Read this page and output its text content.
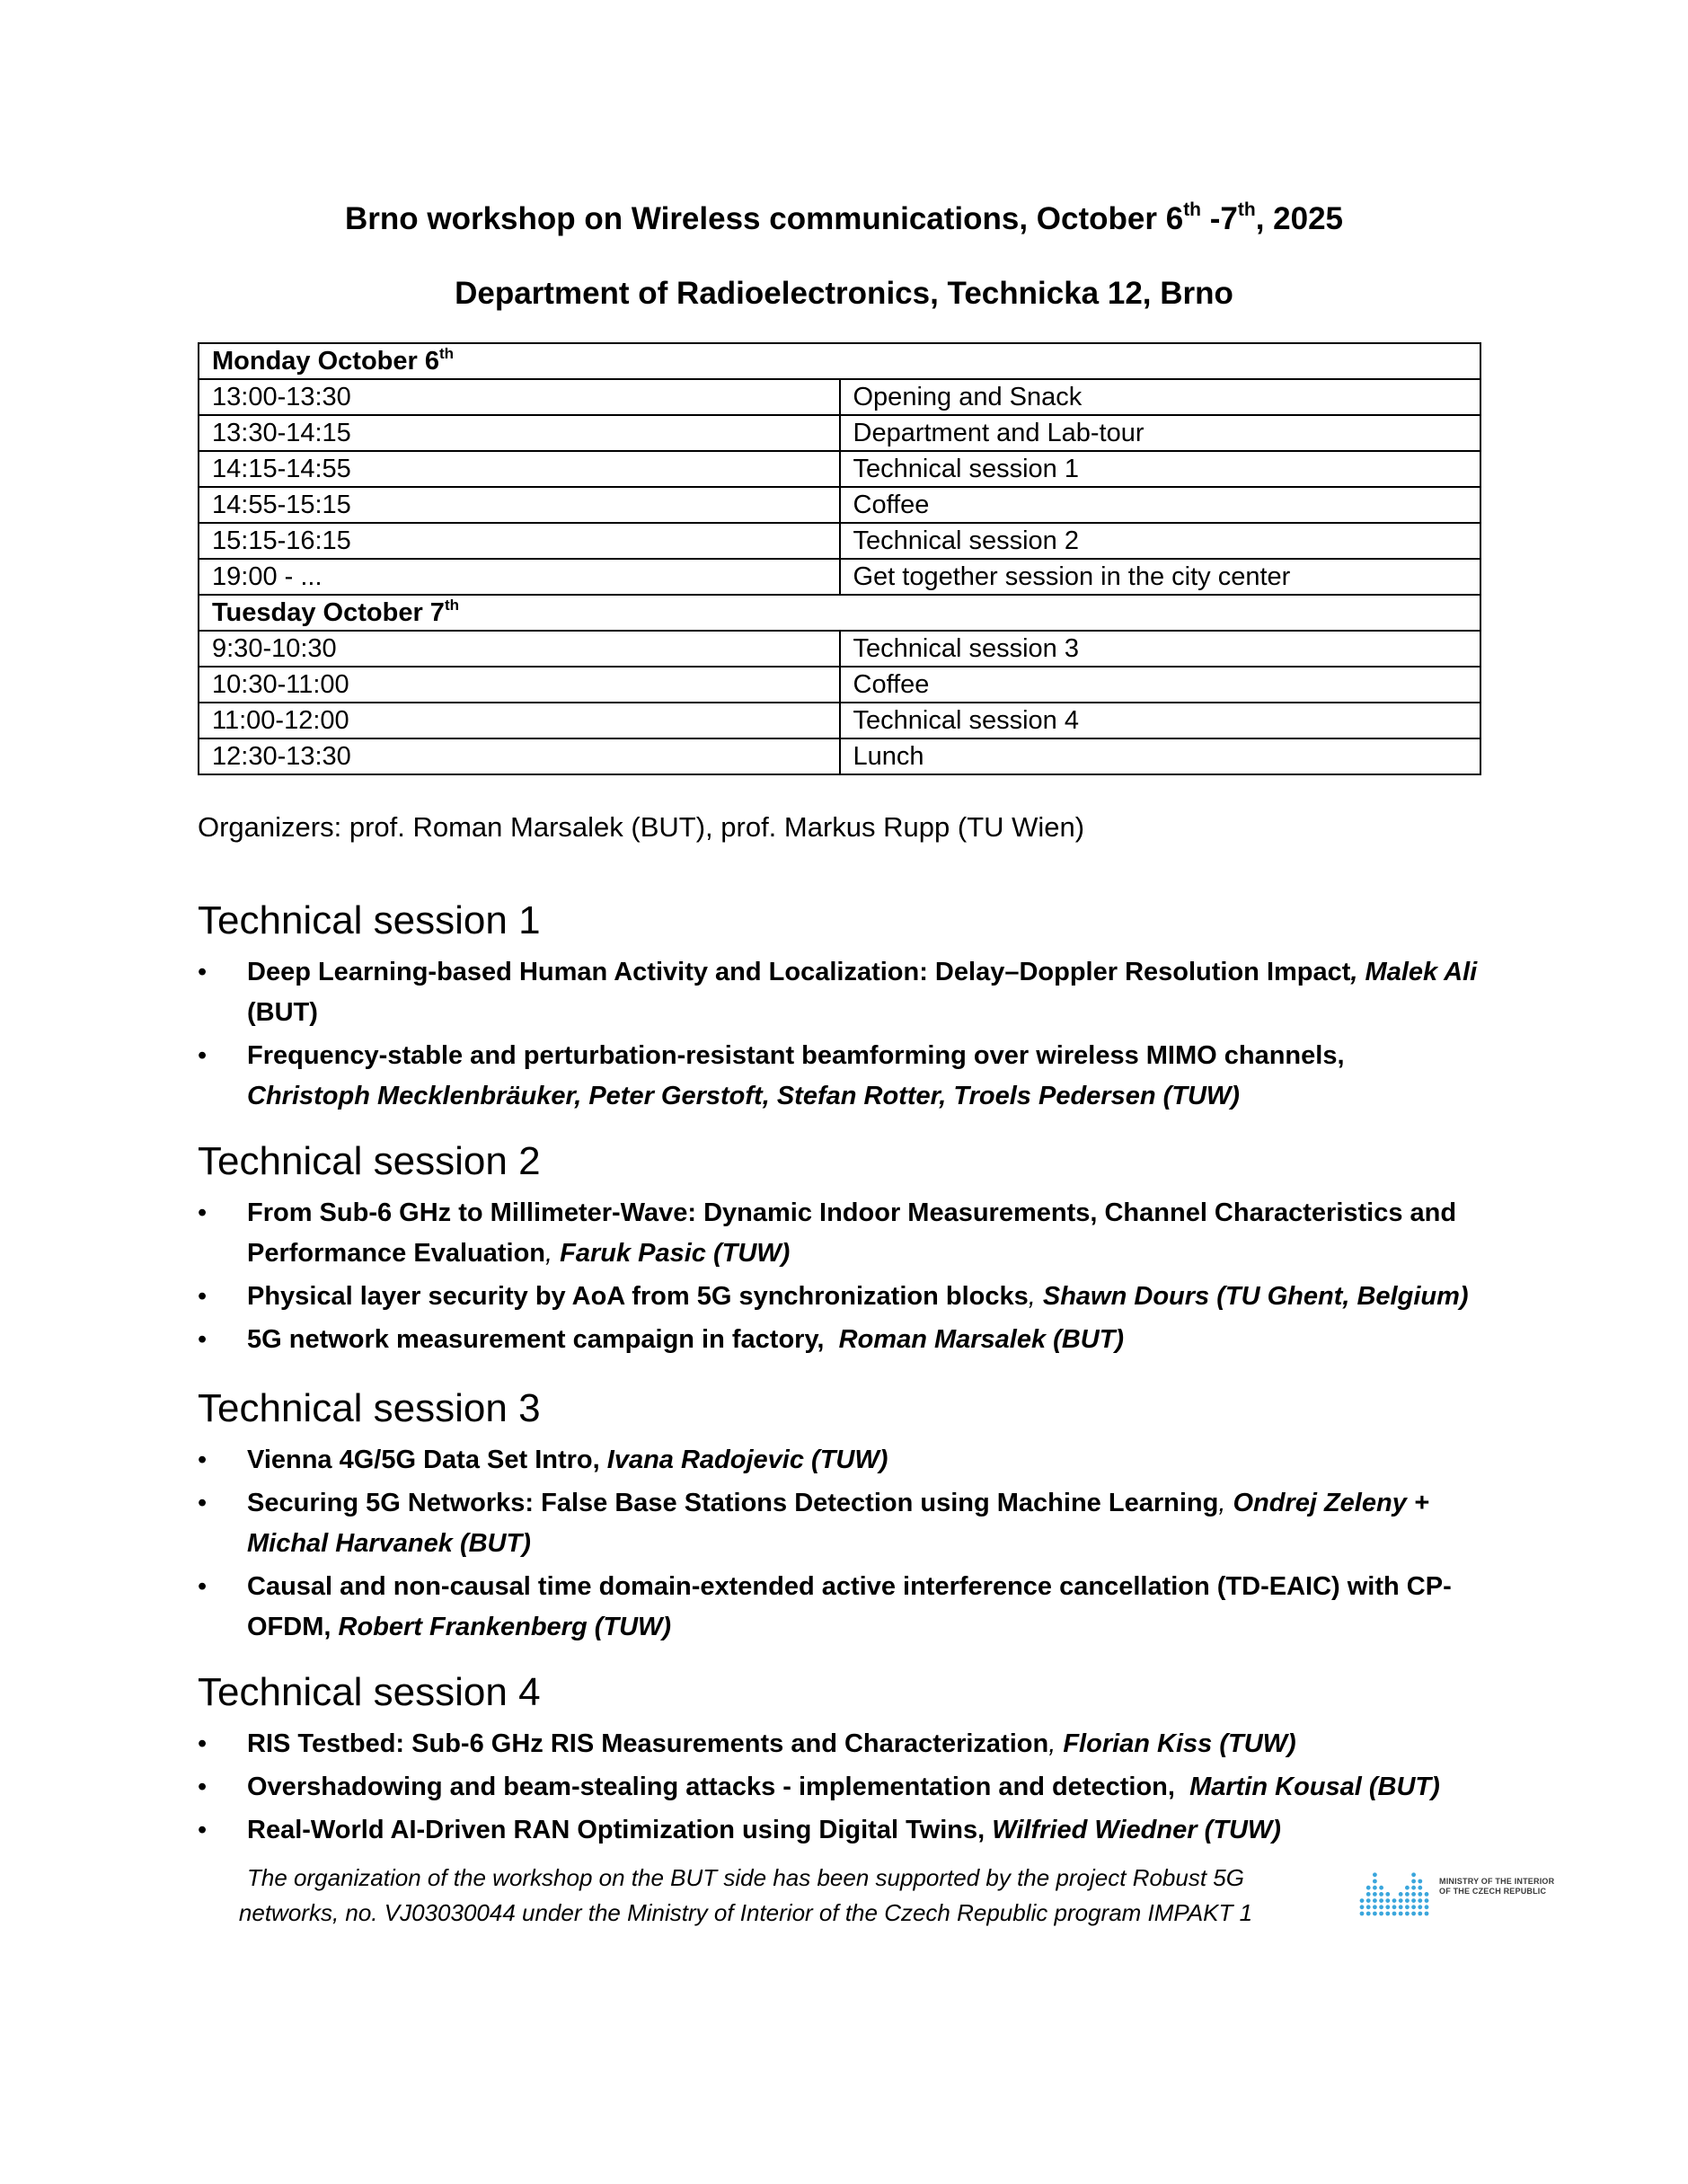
Brno workshop on Wireless communications, October 6th -7th, 2025
Department of Radioelectronics, Technicka 12, Brno
Monday October 6th
13:00-13:30	Opening and Snack
13:30-14:15	Department and Lab-tour
14:15-14:55	Technical session 1
14:55-15:15	Coffee
15:15-16:15	Technical session 2
19:00 - ...	Get together session in the city center
Tuesday October 7th
9:30-10:30	Technical session 3
10:30-11:00	Coffee
11:00-12:00	Technical session 4
12:30-13:30	Lunch
Organizers: prof. Roman Marsalek (BUT), prof. Markus Rupp (TU Wien)
Technical session 1
• Deep Learning-based Human Activity and Localization: Delay–Doppler Resolution Impact, Malek Ali (BUT)
• Frequency-stable and perturbation-resistant beamforming over wireless MIMO channels,
Christoph Mecklenbräuker, Peter Gerstoft, Stefan Rotter, Troels Pedersen (TUW)
Technical session 2
• From Sub-6 GHz to Millimeter-Wave: Dynamic Indoor Measurements, Channel Characteristics and Performance Evaluation, Faruk Pasic (TUW)
• Physical layer security by AoA from 5G synchronization blocks, Shawn Dours (TU Ghent, Belgium)
• 5G network measurement campaign in factory, Roman Marsalek (BUT)
Technical session 3
• Vienna 4G/5G Data Set Intro, Ivana Radojevic (TUW)
• Securing 5G Networks: False Base Stations Detection using Machine Learning, Ondrej Zeleny + Michal Harvanek (BUT)
• Causal and non-causal time domain-extended active interference cancellation (TD-EAIC) with CP-OFDM, Robert Frankenberg (TUW)
Technical session 4
• RIS Testbed: Sub-6 GHz RIS Measurements and Characterization, Florian Kiss (TUW)
• Overshadowing and beam-stealing attacks - implementation and detection, Martin Kousal (BUT)
• Real-World AI-Driven RAN Optimization using Digital Twins, Wilfried Wiedner (TUW)
The organization of the workshop on the BUT side has been supported by the project Robust 5G
networks, no. VJ03030044 under the Ministry of Interior of the Czech Republic program IMPAKT 1
MINISTRY OF THE INTERIOR
OF THE CZECH REPUBLIC
